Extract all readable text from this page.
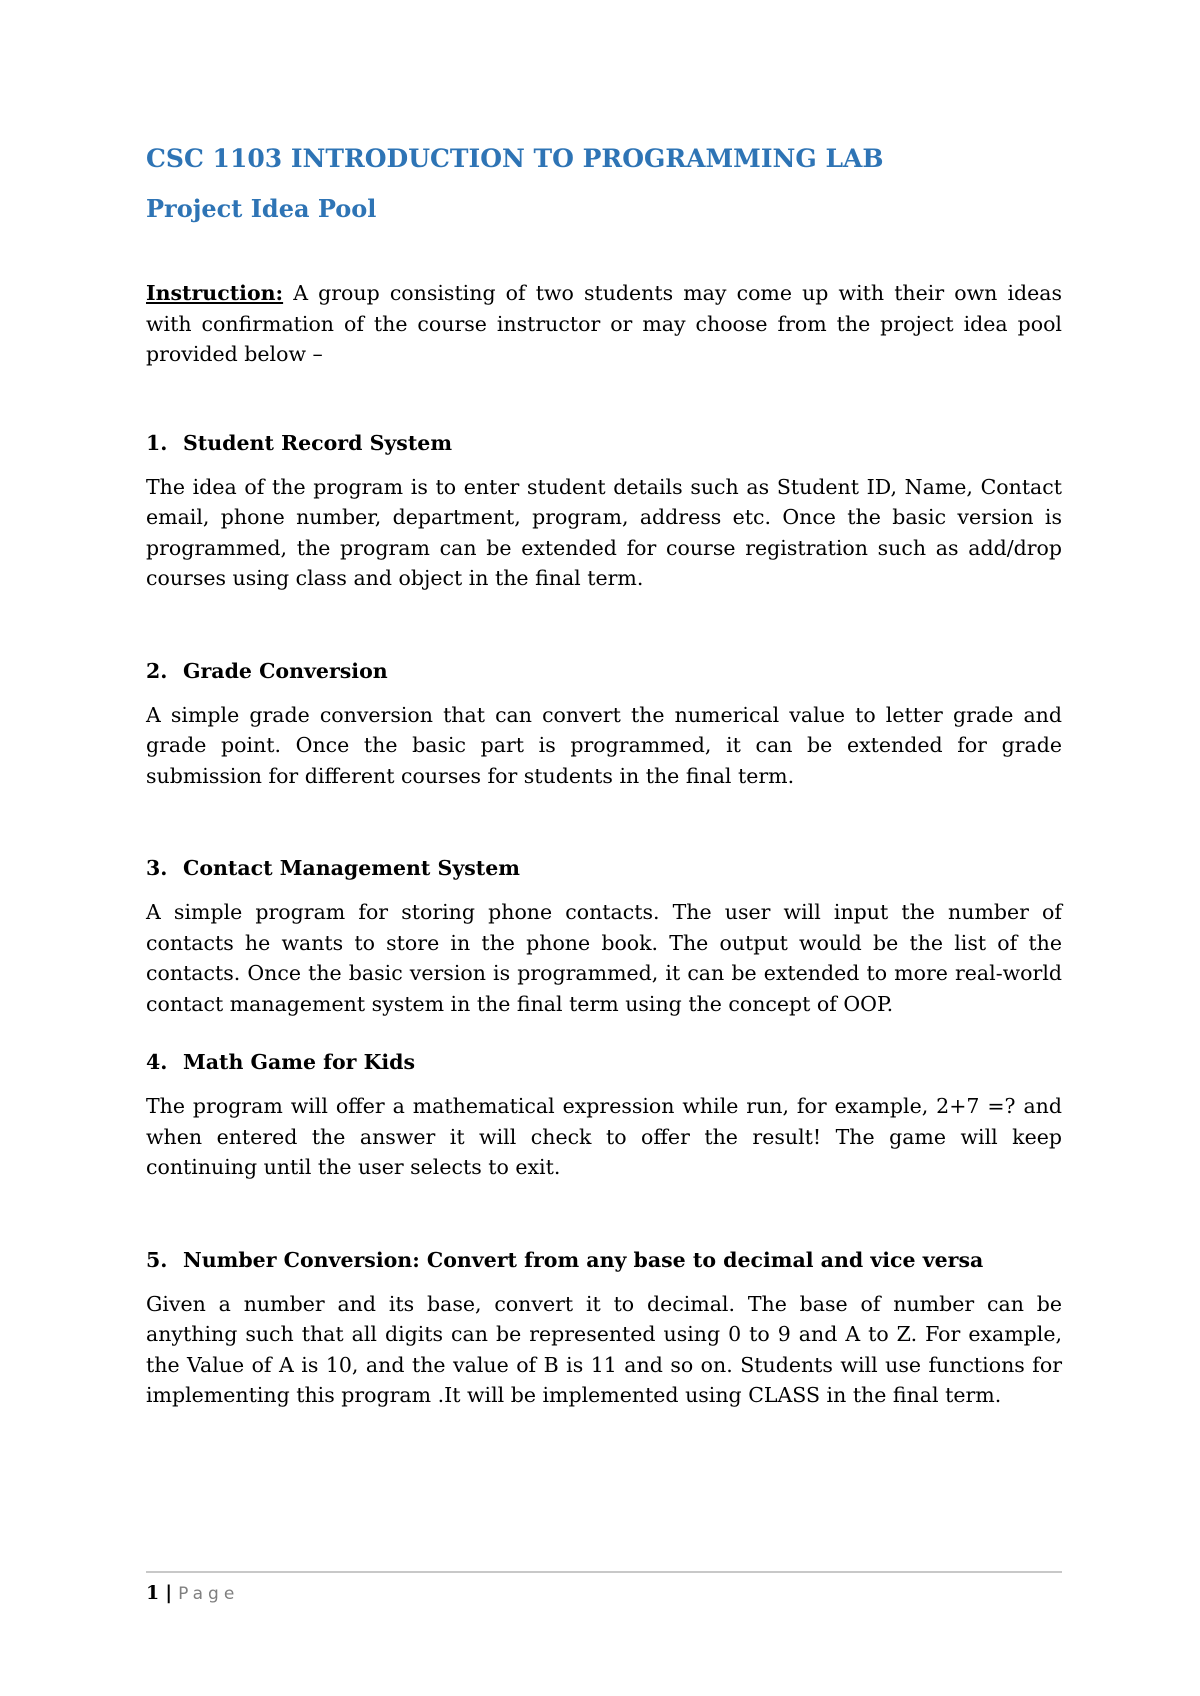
CSC 1103 INTRODUCTION TO PROGRAMMING LAB
Project Idea Pool

Instruction: A group consisting of two students may come up with their own ideas with confirmation of the course instructor or may choose from the project idea pool provided below –

1. Student Record System

The idea of the program is to enter student details such as Student ID, Name, Contact email, phone number, department, program, address etc. Once the basic version is programmed, the program can be extended for course registration such as add/drop courses using class and object in the final term.

2. Grade Conversion

A simple grade conversion that can convert the numerical value to letter grade and grade point. Once the basic part is programmed, it can be extended for grade submission for different courses for students in the final term.

3. Contact Management System

A simple program for storing phone contacts. The user will input the number of contacts he wants to store in the phone book. The output would be the list of the contacts. Once the basic version is programmed, it can be extended to more real-world contact management system in the final term using the concept of OOP.

4. Math Game for Kids

The program will offer a mathematical expression while run, for example, 2+7 =? and when entered the answer it will check to offer the result! The game will keep continuing until the user selects to exit.

5. Number Conversion: Convert from any base to decimal and vice versa

Given a number and its base, convert it to decimal. The base of number can be anything such that all digits can be represented using 0 to 9 and A to Z. For example, the Value of A is 10, and the value of B is 11 and so on. Students will use functions for implementing this program .It will be implemented using CLASS in the final term.

1 | Page
